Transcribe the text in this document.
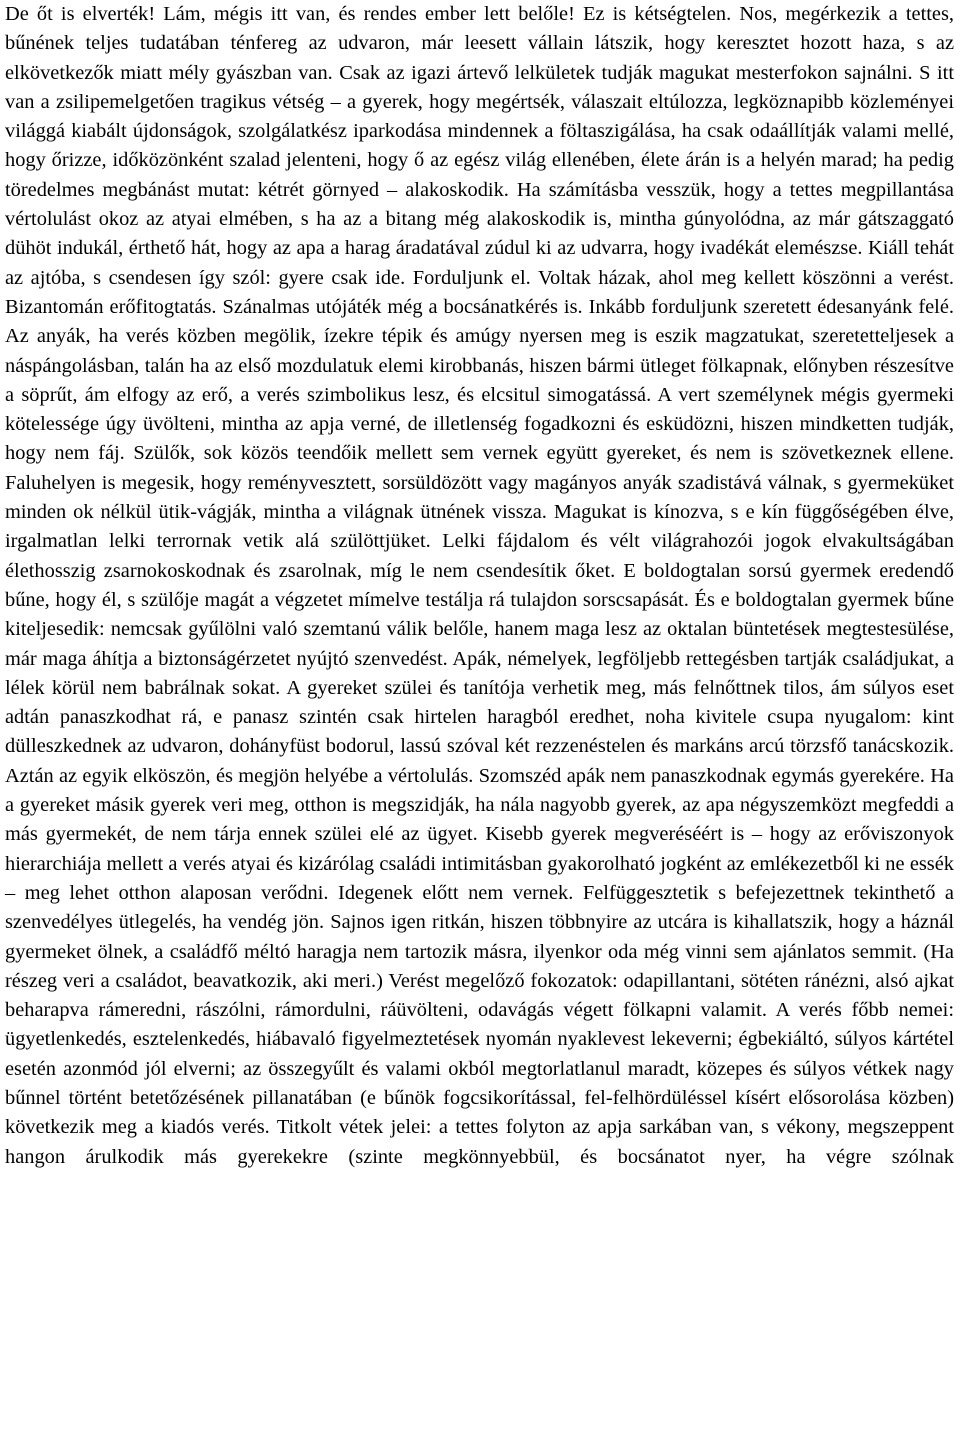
De őt is elverték! Lám, mégis itt van, és rendes ember lett belőle! Ez is kétségtelen. Nos, megérkezik a tettes, bűnének teljes tudatában ténfereg az udvaron, már leesett vállain látszik, hogy keresztet hozott haza, s az elkövetkezők miatt mély gyászban van. Csak az igazi ártevő lelkületek tudják magukat mesterfokon sajnálni. S itt van a zsilipemelgetően tragikus vétség – a gyerek, hogy megértsék, válaszait eltúlozza, legköznapibb közleményei világgá kiabált újdonságok, szolgálatkész iparkodása mindennek a föltaszigálása, ha csak odaállítják valami mellé, hogy őrizze, időközönként szalad jelenteni, hogy ő az egész világ ellenében, élete árán is a helyén marad; ha pedig töredelmes megbánást mutat: kétrét görnyed – alakoskodik. Ha számításba vesszük, hogy a tettes megpillantása vértolulást okoz az atyai elmében, s ha az a bitang még alakoskodik is, mintha gúnyolódna, az már gátszaggató dühöt indukál, érthető hát, hogy az apa a harag áradatával zúdul ki az udvarra, hogy ivadékát elemészse. Kiáll tehát az ajtóba, s csendesen így szól: gyere csak ide. Forduljunk el. Voltak házak, ahol meg kellett köszönni a verést. Bizantomán erőfitogtatás. Szánalmas utójáték még a bocsánatkérés is. Inkább forduljunk szeretett édesanyánk felé. Az anyák, ha verés közben megölik, ízekre tépik és amúgy nyersen meg is eszik magzatukat, szeretetteljesek a náspángolásban, talán ha az első mozdulatuk elemi kirobbanás, hiszen bármi ütleget fölkapnak, előnyben részesítve a söprűt, ám elfogy az erő, a verés szimbolikus lesz, és elcsitul simogatássá. A vert személynek mégis gyermeki kötelessége úgy üvölteni, mintha az apja verné, de illetlenség fogadkozni és esküdözni, hiszen mindketten tudják, hogy nem fáj. Szülők, sok közös teendőik mellett sem vernek együtt gyereket, és nem is szövetkeznek ellene. Faluhelyen is megesik, hogy reményvesztett, sorsüldözött vagy magányos anyák szadistává válnak, s gyermeküket minden ok nélkül ütik-vágják, mintha a világnak ütnének vissza. Magukat is kínozva, s e kín függőségében élve, irgalmatlan lelki terrornak vetik alá szülöttjüket. Lelki fájdalom és vélt világrahozói jogok elvakultságában élethosszig zsarnokoskodnak és zsarolnak, míg le nem csendesítik őket. E boldogtalan sorsú gyermek eredendő bűne, hogy él, s szülője magát a végzetet mímelve testálja rá tulajdon sorscsapását. És e boldogtalan gyermek bűne kiteljesedik: nemcsak gyűlölni való szemtanú válik belőle, hanem maga lesz az oktalan büntetések megtestesülése, már maga áhítja a biztonságérzetet nyújtó szenvedést. Apák, némelyek, legföljebb rettegésben tartják családjukat, a lélek körül nem babrálnak sokat. A gyereket szülei és tanítója verhetik meg, más felnőttnek tilos, ám súlyos eset adtán panaszkodhat rá, e panasz szintén csak hirtelen haragból eredhet, noha kivitele csupa nyugalom: kint dülleszkednek az udvaron, dohányfüst bodorul, lassú szóval két rezzenéstelen és markáns arcú törzsfő tanácskozik. Aztán az egyik elköszön, és megjön helyébe a vértolulás. Szomszéd apák nem panaszkodnak egymás gyerekére. Ha a gyereket másik gyerek veri meg, otthon is megszidják, ha nála nagyobb gyerek, az apa négyszemközt megfeddi a más gyermekét, de nem tárja ennek szülei elé az ügyet. Kisebb gyerek megveréséért is – hogy az erőviszonyok hierarchiája mellett a verés atyai és kizárólag családi intimitásban gyakorolható jogként az emlékezetből ki ne essék – meg lehet otthon alaposan verődni. Idegenek előtt nem vernek. Felfüggesztetik s befejezettnek tekinthető a szenvedélyes ütlegelés, ha vendég jön. Sajnos igen ritkán, hiszen többnyire az utcára is kihallatszik, hogy a háznál gyermeket ölnek, a családfő méltó haragja nem tartozik másra, ilyenkor oda még vinni sem ajánlatos semmit. (Ha részeg veri a családot, beavatkozik, aki meri.) Verést megelőző fokozatok: odapillantani, sötéten ránézni, alsó ajkat beharapva rámeredni, rászólni, rámordulni, ráüvölteni, odavágás végett fölkapni valamit. A verés főbb nemei: ügyetlenkedés, esztelenkedés, hiábavaló figyelmeztetések nyomán nyaklevest lekeverni; égbekiáltó, súlyos kártétel esetén azonmód jól elverni; az összegyűlt és valami okból megtorlatlanul maradt, közepes és súlyos vétkek nagy bűnnel történt betetőzésének pillanatában (e bűnök fogcsikorítással, fel-felhördüléssel kísért elősorolása közben) következik meg a kiadós verés. Titkolt vétek jelei: a tettes folyton az apja sarkában van, s vékony, megszeppent hangon árulkodik más gyerekekre (szinte megkönnyebbül, és bocsánatot nyer, ha végre szólnak
